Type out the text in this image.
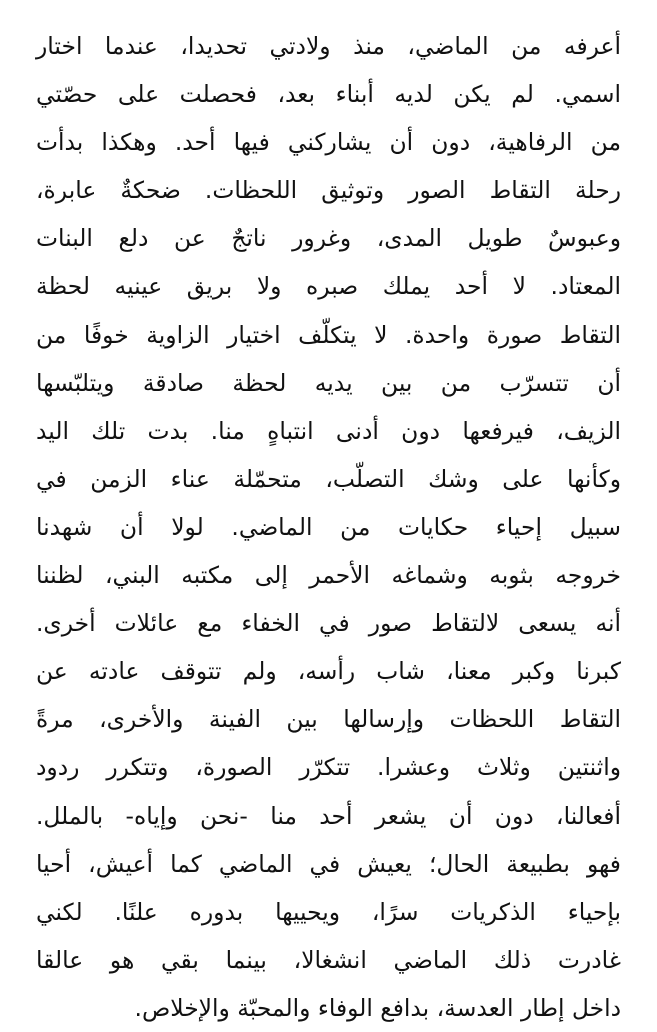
أعرفه من الماضي، منذ ولادتي تحديدا، عندما اختار
اسمي. لم يكن لديه أبناء بعد، فحصلت على حصّتي
من الرفاهية، دون أن يشاركني فيها أحد. وهكذا بدأت
رحلة التقاط الصور وتوثيق اللحظات. ضحكةٌ عابرة،
وعبوسٌ طويل المدى، وغرور ناتجٌ عن دلع البنات
المعتاد. لا أحد يملك صبره ولا بريق عينيه لحظة
التقاط صورة واحدة. لا يتكلّف اختيار الزاوية خوفًا من
أن تتسرّب من بين يديه لحظة صادقة ويتلبّسها
الزيف، فيرفعها دون أدنى انتباهٍ منا. بدت تلك اليد
وكأنها على وشك التصلّب، متحمّلة عناء الزمن في
سبيل إحياء حكايات من الماضي. لولا أن شهدنا
خروجه بثوبه وشماغه الأحمر إلى مكتبه البني، لظننا
أنه يسعى لالتقاط صور في الخفاء مع عائلات أخرى.
كبرنا وكبر معنا، شاب رأسه، ولم تتوقف عادته عن
التقاط اللحظات وإرسالها بين الفينة والأخرى، مرةً
واثنتين وثلاث وعشرا. تتكرّر الصورة، وتتكرر ردود
أفعالنا، دون أن يشعر أحد منا -نحن وإياه- بالملل.
فهو بطبيعة الحال؛ يعيش في الماضي كما أعيش، أحيا
بإحياء الذكريات سرًا، ويحييها بدوره علنًا. لكني
غادرت ذلك الماضي انشغالا، بينما بقي هو عالقا
داخل إطار العدسة، بدافع الوفاء والمحبّة والإخلاص.
